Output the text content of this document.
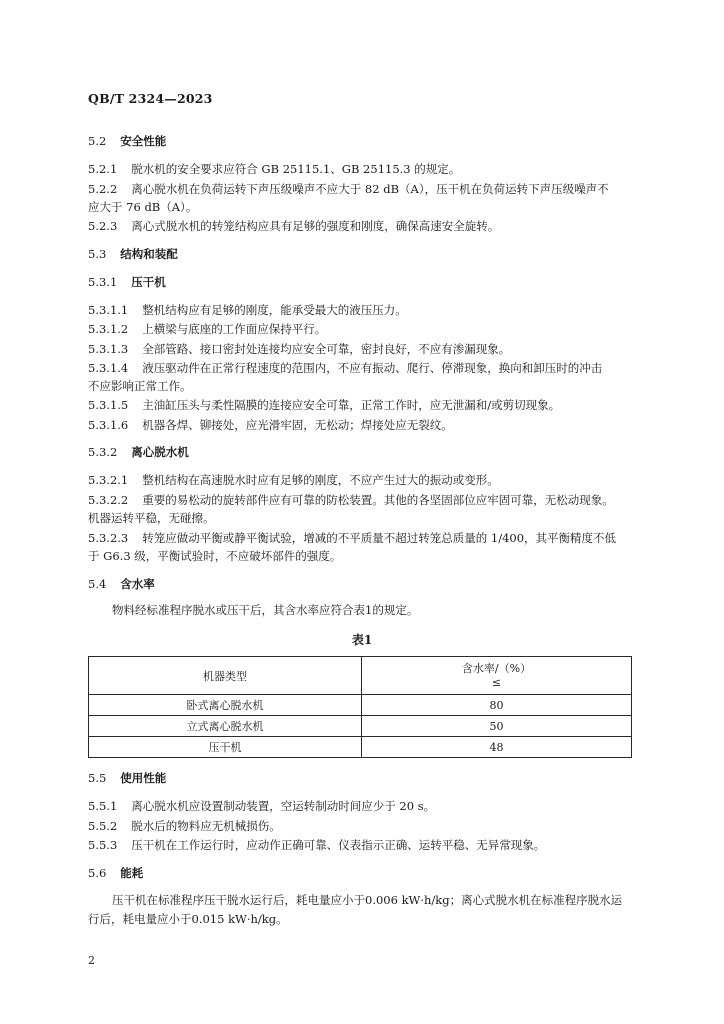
QB/T 2324—2023
5.2 安全性能
5.2.1 脱水机的安全要求应符合 GB 25115.1、GB 25115.3 的规定。
5.2.2 离心脱水机在负荷运转下声压级噪声不应大于 82 dB（A），压干机在负荷运转下声压级噪声不
应大于 76 dB（A）。
5.2.3 离心式脱水机的转笼结构应具有足够的强度和刚度，确保高速安全旋转。
5.3 结构和装配
5.3.1 压干机
5.3.1.1 整机结构应有足够的刚度，能承受最大的液压压力。
5.3.1.2 上横梁与底座的工作面应保持平行。
5.3.1.3 全部管路、接口密封处连接均应安全可靠，密封良好，不应有渗漏现象。
5.3.1.4 液压驱动件在正常行程速度的范围内，不应有振动、爬行、停滞现象，换向和卸压时的冲击
不应影响正常工作。
5.3.1.5 主油缸压头与柔性隔膜的连接应安全可靠，正常工作时，应无泄漏和/或剪切现象。
5.3.1.6 机器各焊、铆接处，应光滑牢固，无松动；焊接处应无裂纹。
5.3.2 离心脱水机
5.3.2.1 整机结构在高速脱水时应有足够的刚度，不应产生过大的振动或变形。
5.3.2.2 重要的易松动的旋转部件应有可靠的防松装置。其他的各坚固部位应牢固可靠，无松动现象。
机器运转平稳，无碰擦。
5.3.2.3 转笼应做动平衡或静平衡试验，增减的不平质量不超过转笼总质量的 1/400，其平衡精度不低
于 G6.3 级，平衡试验时，不应破坏部件的强度。
5.4 含水率
物料经标准程序脱水或压干后，其含水率应符合表1的规定。
表1
机器类型	含水率/（%）
≤

卧式离心脱水机	80
立式离心脱水机	50
压干机	48
5.5 使用性能
5.5.1 离心脱水机应设置制动装置，空运转制动时间应少于 20 s。
5.5.2 脱水后的物料应无机械损伤。
5.5.3 压干机在工作运行时，应动作正确可靠、仪表指示正确、运转平稳、无异常现象。
5.6 能耗
压干机在标准程序压干脱水运行后，耗电量应小于0.006 kW·h/kg；离心式脱水机在标准程序脱水运
行后，耗电量应小于0.015 kW·h/kg。
2
